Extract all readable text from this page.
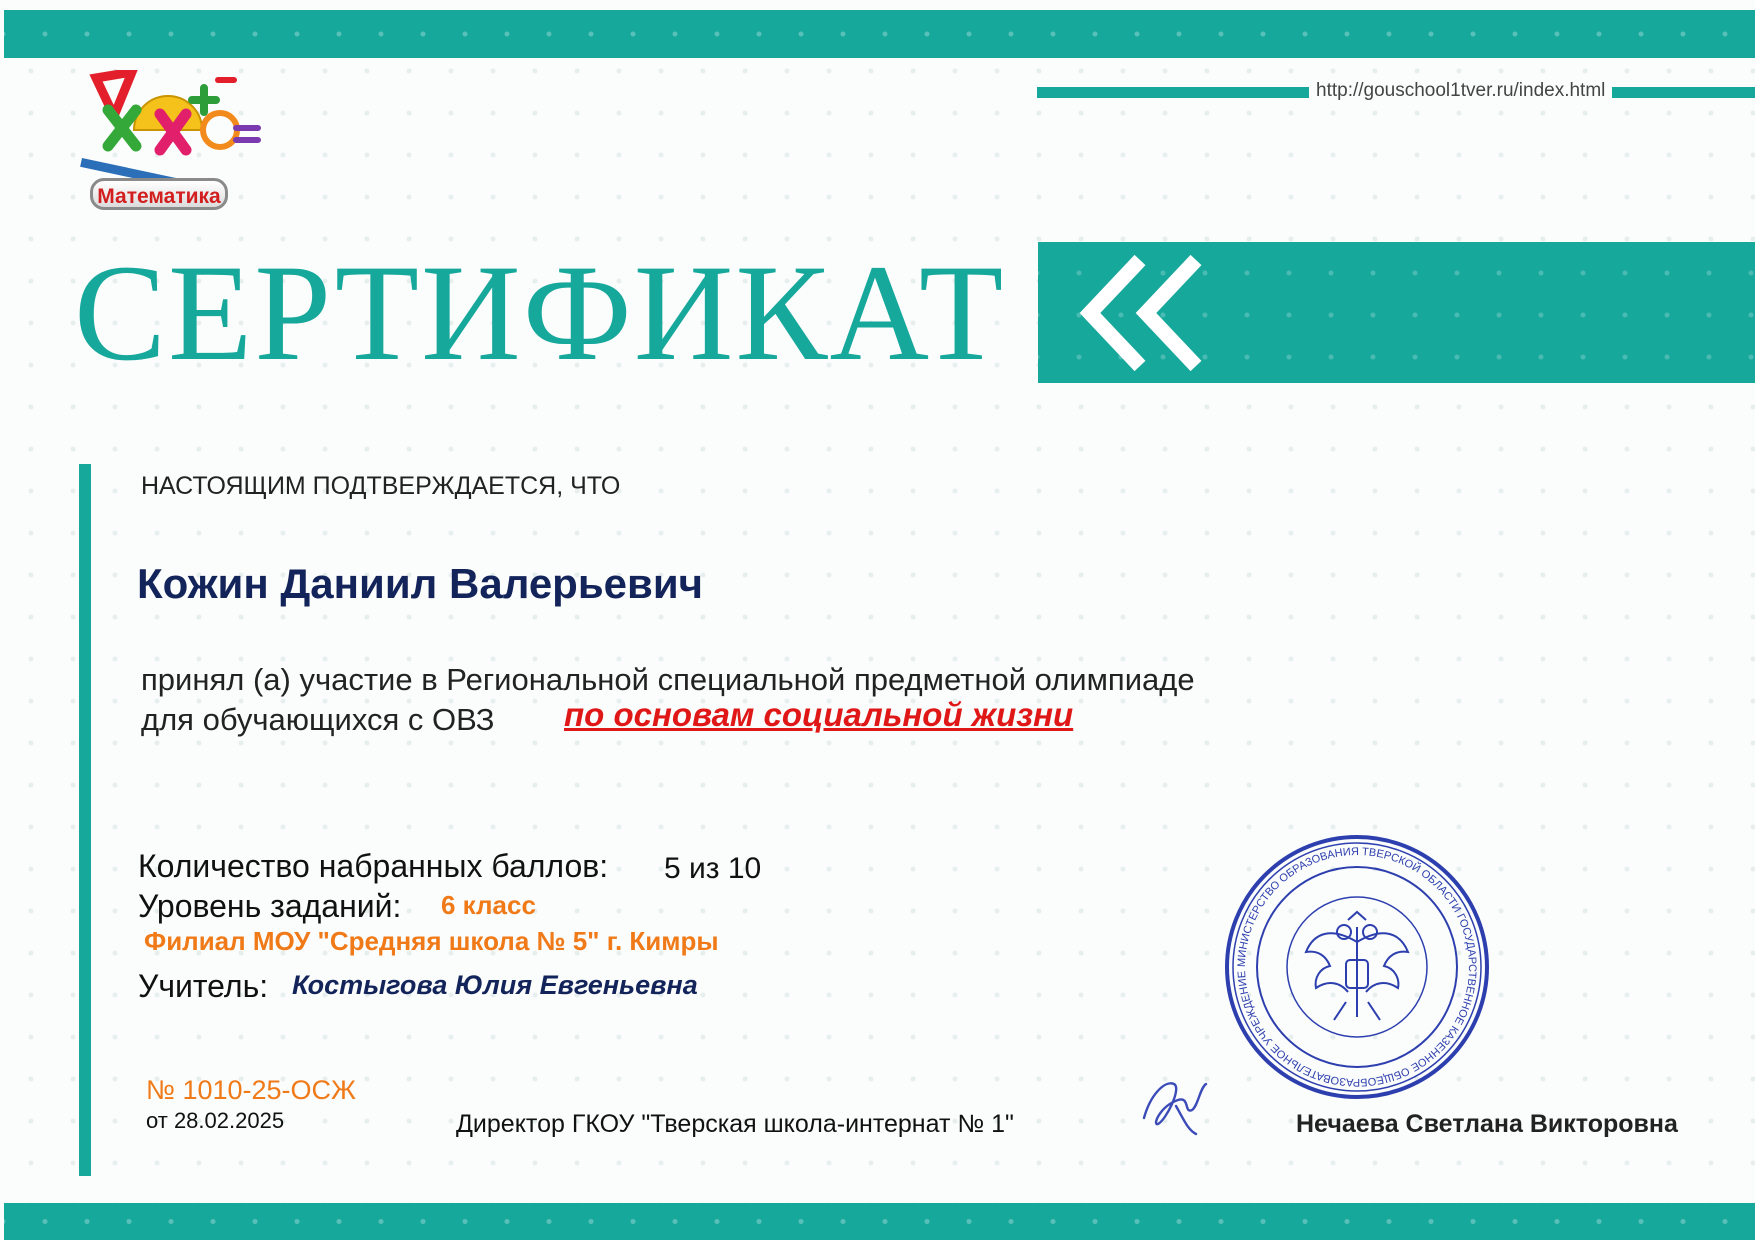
http://gouschool1tver.ru/index.html
Математика
СЕРТИФИКАТ
НАСТОЯЩИМ ПОДТВЕРЖДАЕТСЯ, ЧТО
Кожин Даниил Валерьевич
принял (а) участие в Региональной специальной предметной олимпиаде
для обучающихся с ОВЗ по основам социальной жизни
Количество набранных баллов: 5 из 10
Уровень заданий: 6 класс
Филиал МОУ "Средняя школа № 5" г. Кимры
Учитель: Костыгова Юлия Евгеньевна
№ 1010-25-ОСЖ
от 28.02.2025	Директор ГКОУ "Тверская школа-интернат № 1"
МИНИСТЕРСТВО ОБРАЗОВАНИЯ ТВЕРСКОЙ ОБЛАСТИ ГОСУДАРСТВЕННОЕ КАЗЕННОЕ ОБЩЕОБРАЗОВАТЕЛЬНОЕ УЧРЕЖДЕНИЕ
Нечаева Светлана Викторовна
